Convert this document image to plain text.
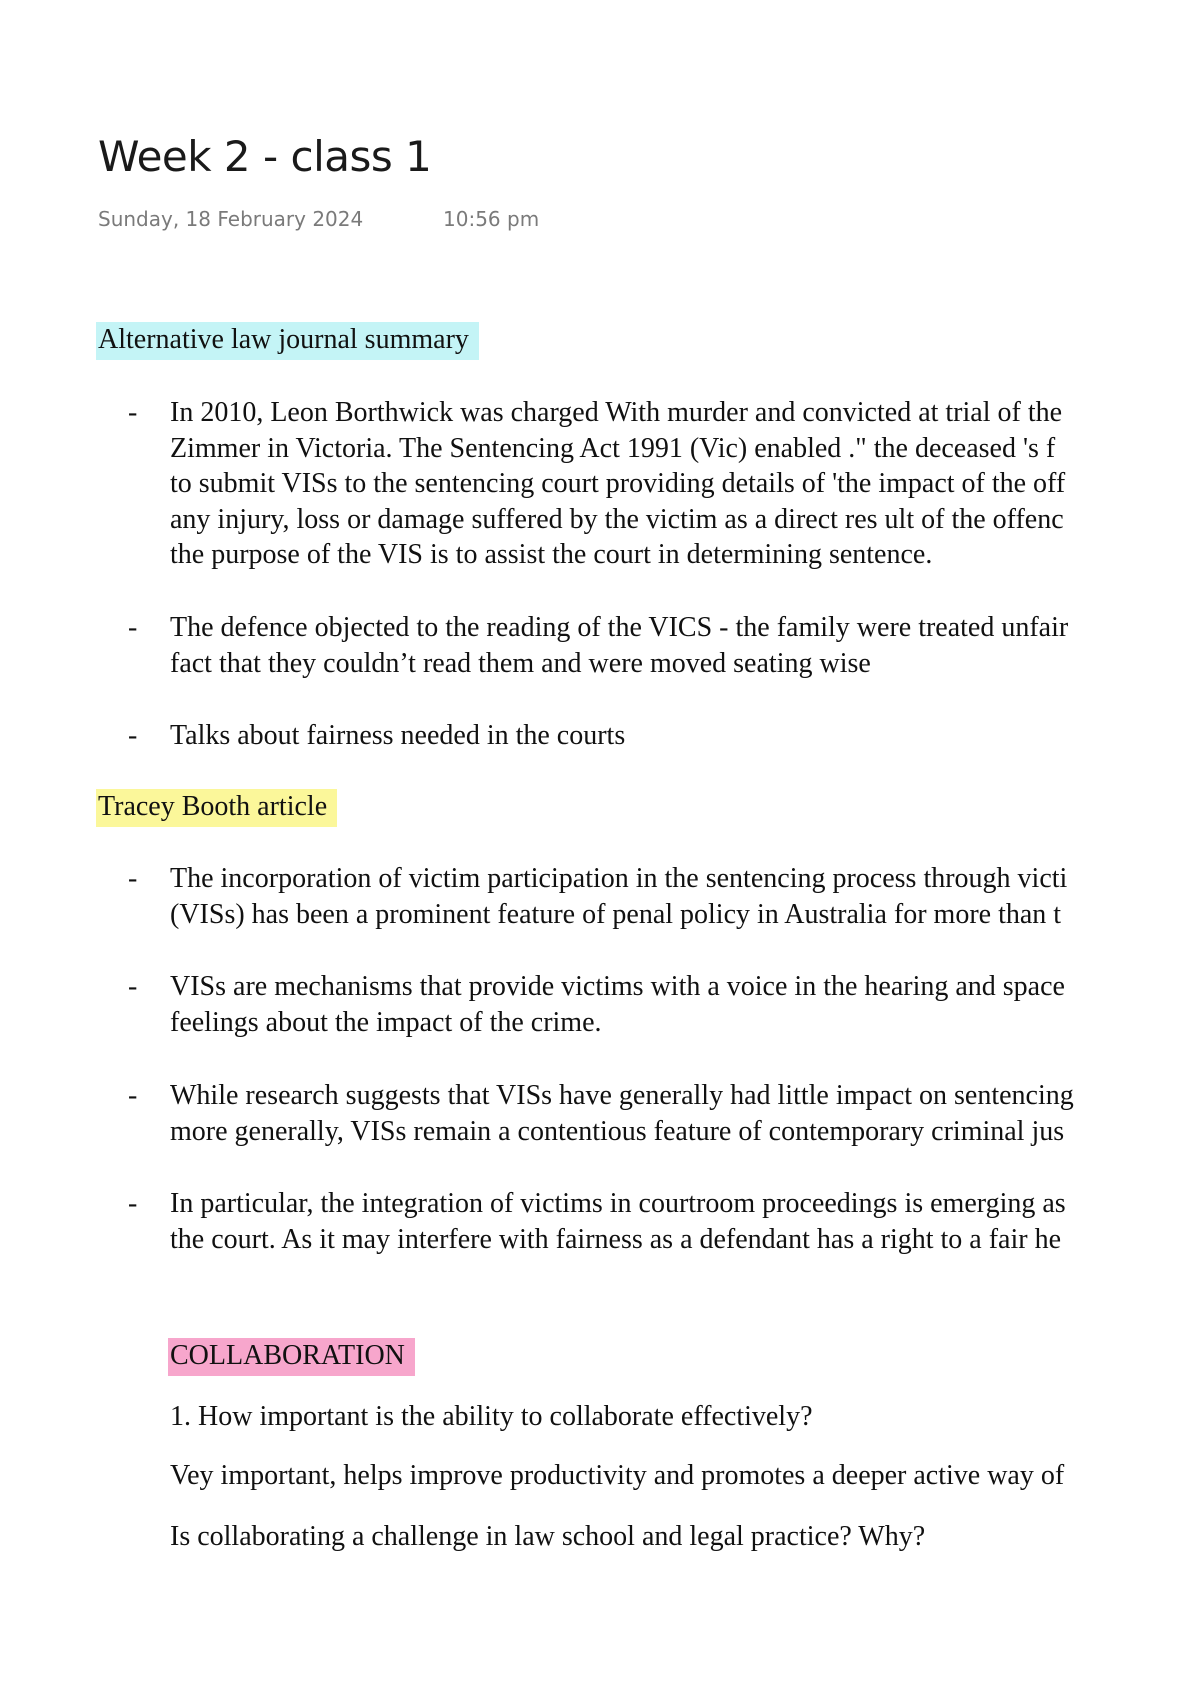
Week 2 - class 1
Sunday, 18 February 2024	10:56 pm
Alternative law journal summary
- In 2010, Leon Borthwick was charged With murder and convicted at trial of the
Zimmer in Victoria. The Sentencing Act 1991 (Vic) enabled ." the deceased 's f
to submit VISs to the sentencing court providing details of 'the impact of the off
any injury, loss or damage suffered by the victim as a direct res ult of the offenc
the purpose of the VIS is to assist the court in determining sentence.
- The defence objected to the reading of the VICS - the family were treated unfair
fact that they couldn’t read them and were moved seating wise
- Talks about fairness needed in the courts
Tracey Booth article
- The incorporation of victim participation in the sentencing process through victi
(VISs) has been a prominent feature of penal policy in Australia for more than t
- VISs are mechanisms that provide victims with a voice in the hearing and space
feelings about the impact of the crime.
- While research suggests that VISs have generally had little impact on sentencing
more generally, VISs remain a contentious feature of contemporary criminal jus
- In particular, the integration of victims in courtroom proceedings is emerging as
the court. As it may interfere with fairness as a defendant has a right to a fair he
COLLABORATION
1. How important is the ability to collaborate effectively?
Vey important, helps improve productivity and promotes a deeper active way of
Is collaborating a challenge in law school and legal practice? Why?
